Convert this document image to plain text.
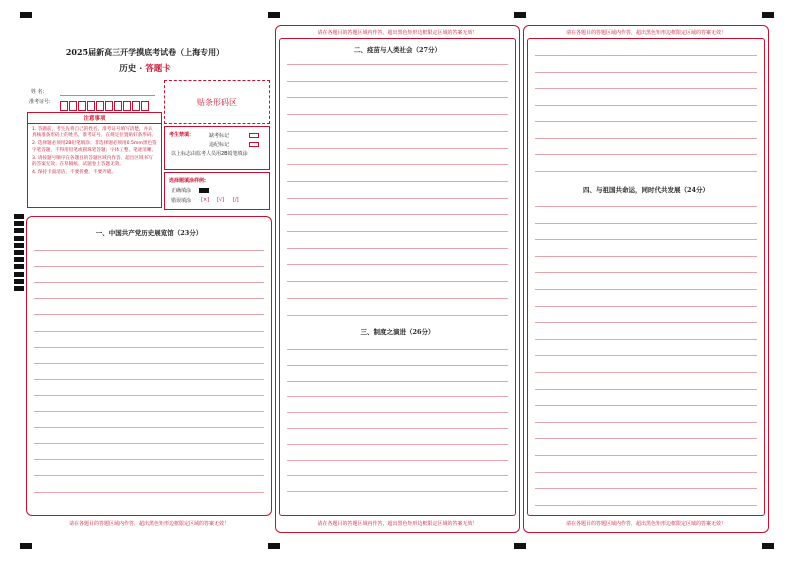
2025届新高三开学摸底考试卷（上海专用）
历史 · 答题卡
姓 名:
准考证号:	贴条形码区
注意事项
1. 答题前，考生先将自己的姓名，准考证号填写清楚，并认真核准条形码上的姓名，准考证号，在规定位置贴好条形码。
2. 选择题必须用2B铅笔填涂；非选择题必须用0.5mm黑色签字笔答题，不得用铅笔或圆珠笔答题；字体工整，笔迹清晰。
3. 请按题号顺序在各题目的答题区域内作答，超出区域书写的答案无效；在草稿纸、试题卷上答题无效。
4. 保持卡面清洁，不要折叠，不要弄破。
考生禁填：	缺考标记
违纪标记
以上标志由监考人员用2B铅笔填涂
选择题填涂样例:
正确填涂
错误填涂 [×] [√] [/]
一、中国共产党历史展览馆（23分）
请在各题目的答题区域内作答，超出黑色矩形边框限定区域的答案无效！
请在各题目的答题区域内作答，超出黑色矩形边框限定区域的答案无效！
二、疫苗与人类社会（27分）
三、制度之演进（26分）
请在各题目的答题区域内作答，超出黑色矩形边框限定区域的答案无效！
请在各题目的答题区域内作答，超出黑色矩形边框限定区域的答案无效！
四、与祖国共命运，同时代共发展（24分）
请在各题目的答题区域内作答，超出黑色矩形边框限定区域的答案无效！
